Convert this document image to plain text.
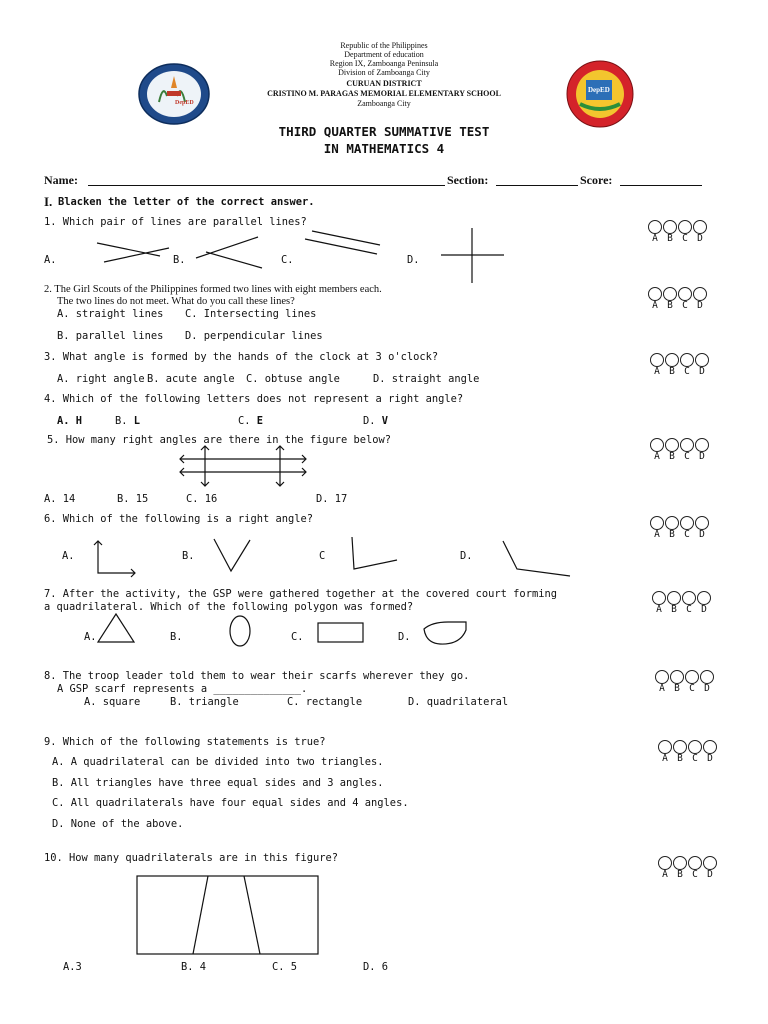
DepED
DepED
Republic of the Philippines
Department of education
Region IX, Zamboanga Peninsula
Division of Zamboanga City
CURUAN DISTRICT
CRISTINO M. PARAGAS MEMORIAL ELEMENTARY SCHOOL
Zamboanga City
THIRD QUARTER SUMMATIVE TEST
IN MATHEMATICS 4
Name:	Section:	Score:
I. Blacken the letter of the correct answer.
1. Which pair of lines are parallel lines?
A.	B.	C.	D.
A B C D
2. The Girl Scouts of the Philippines formed two lines with eight members each.
The two lines do not meet. What do you call these lines?
A. straight lines C. Intersecting lines
B. parallel lines D. perpendicular lines
A B C D
3. What angle is formed by the hands of the clock at 3 o'clock?
A. right angle B. acute angle C. obtuse angle	D. straight angle
A B C D
4. Which of the following letters does not represent a right angle?
A. H	B. L	C. E	D. V
5. How many right angles are there in the figure below?
A. 14	B. 15	C. 16	D. 17
A B C D
6. Which of the following is a right angle?
A.	B.	C	D.
A B C D
7. After the activity, the GSP were gathered together at the covered court forming
a quadrilateral. Which of the following polygon was formed?
A.	B.	C.	D.
A B C D
8. The troop leader told them to wear their scarfs wherever they go.
A GSP scarf represents a ______________.
A. square	B. triangle	C. rectangle	D. quadrilateral
A B C D
9. Which of the following statements is true?
A. A quadrilateral can be divided into two triangles.
B. All triangles have three equal sides and 3 angles.
C. All quadrilaterals have four equal sides and 4 angles.
D. None of the above.
A B C D
10. How many quadrilaterals are in this figure?
A.3	B. 4	C. 5	D. 6
A B C D
